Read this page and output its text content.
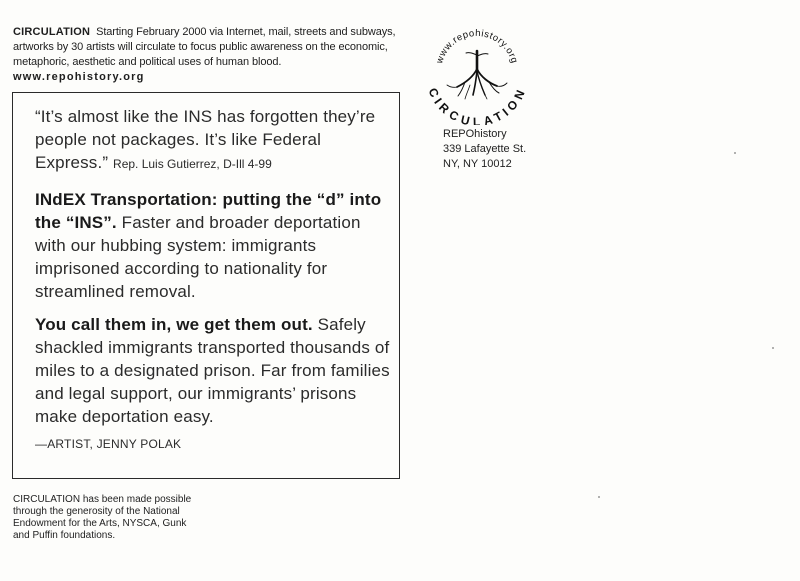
CIRCULATION Starting February 2000 via Internet, mail, streets and subways, artworks by 30 artists will circulate to focus public awareness on the economic, metaphoric, aesthetic and political uses of human blood.   www.repohistory.org
“It’s almost like the INS has forgotten they’re people not packages. It’s like Federal Express.” Rep. Luis Gutierrez, D-Ill 4-99
INdEX Transportation: putting the “d” into the “INS”. Faster and broader deportation with our hubbing system: immigrants imprisoned according to nationality for streamlined removal.
You call them in, we get them out. Safely shackled immigrants transported thousands of miles to a designated prison. Far from families and legal support, our immigrants’ prisons make deportation easy.
—ARTIST, JENNY POLAK
www.repohistory.org
CIRCULATION
REPOhistory
339 Lafayette St.
NY, NY 10012
CIRCULATION has been made possible through the generosity of the National Endowment for the Arts, NYSCA, Gunk and Puffin foundations.
